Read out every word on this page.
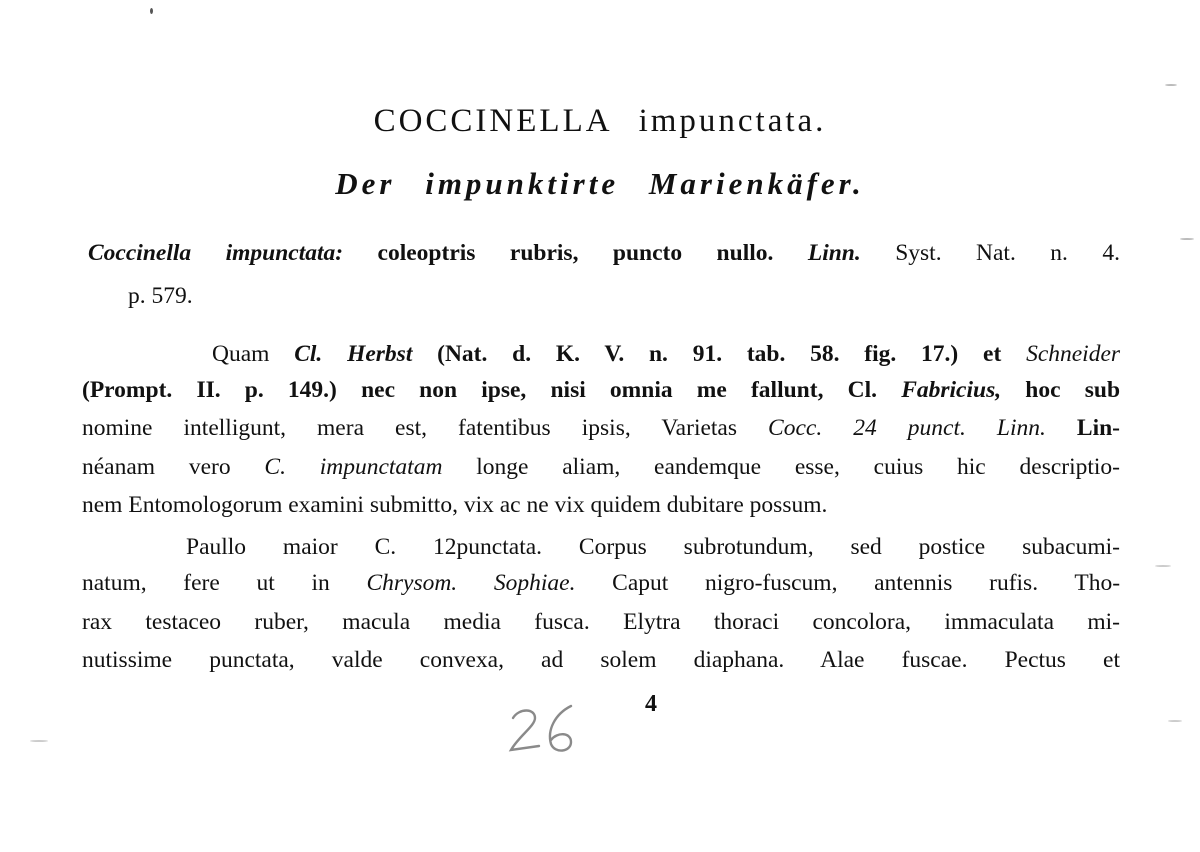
COCCINELLA impunctata.
Der impunktirte Marienkäfer.
Coccinella impunctata: coleoptris rubris, puncto nullo. Linn. Syst. Nat. n. 4.
p. 579.
Quam Cl. Herbst (Nat. d. K. V. n. 91. tab. 58. fig. 17.) et Schneider
(Prompt. II. p. 149.) nec non ipse, nisi omnia me fallunt, Cl. Fabricius, hoc sub
nomine intelligunt, mera est, fatentibus ipsis, Varietas Cocc. 24 punct. Linn. Lin-
néanam vero C. impunctatam longe aliam, eandemque esse, cuius hic descriptio-
nem Entomologorum examini submitto, vix ac ne vix quidem dubitare possum.
Paullo maior C. 12punctata. Corpus subrotundum, sed postice subacumi-
natum, fere ut in Chrysom. Sophiae. Caput nigro-fuscum, antennis rufis. Tho-
rax testaceo ruber, macula media fusca. Elytra thoraci concolora, immaculata mi-
nutissime punctata, valde convexa, ad solem diaphana. Alae fuscae. Pectus et
4
